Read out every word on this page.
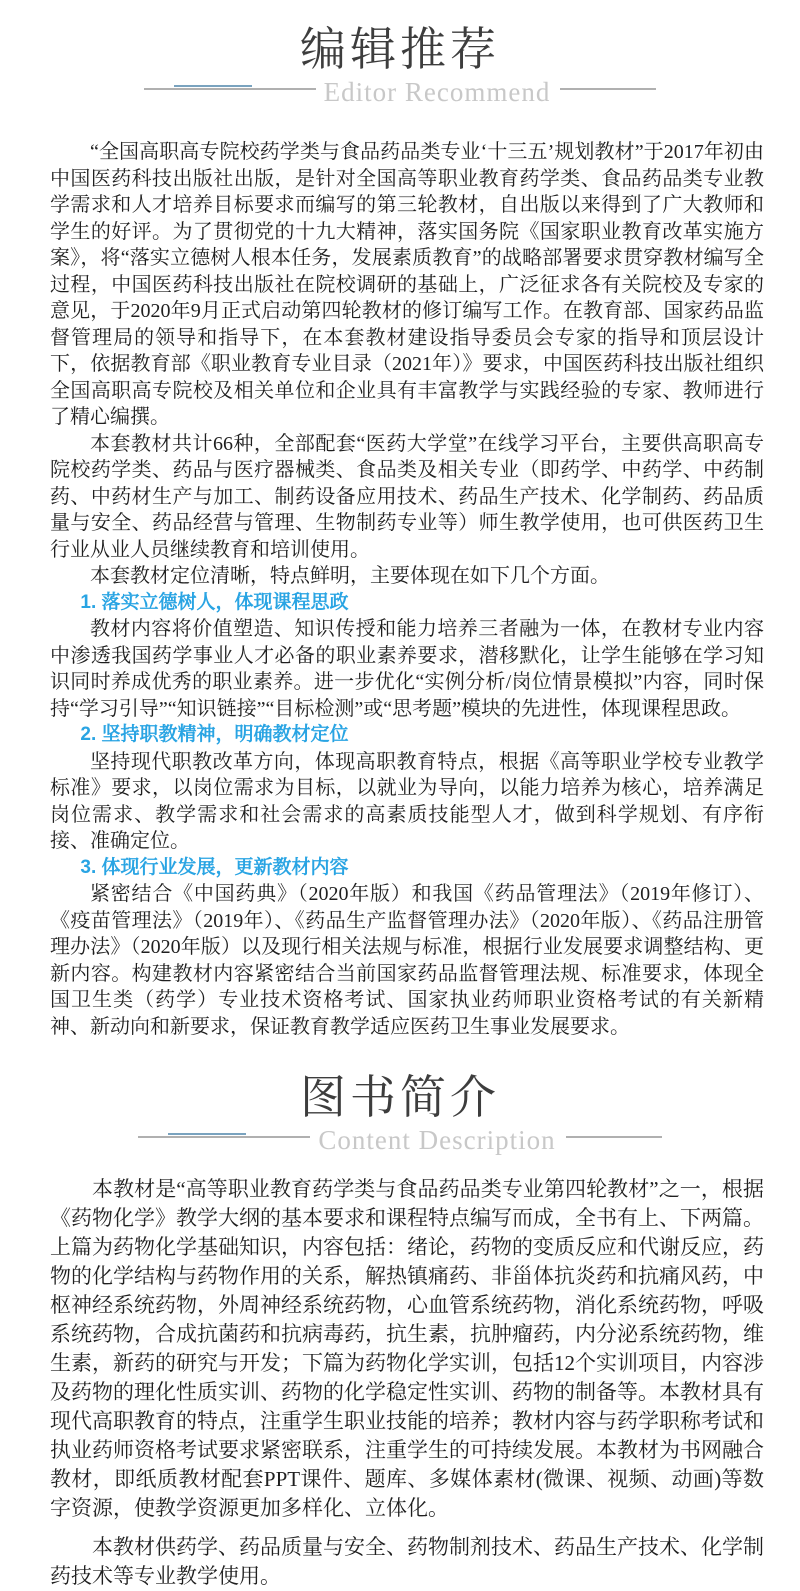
编辑推荐
Editor Recommend

“全国高职高专院校药学类与食品药品类专业‘十三五’规划教材”于2017年初由中国医药科技出版社出版，是针对全国高等职业教育药学类、食品药品类专业教学需求和人才培养目标要求而编写的第三轮教材，自出版以来得到了广大教师和学生的好评。为了贯彻党的十九大精神，落实国务院《国家职业教育改革实施方案》，将“落实立德树人根本任务，发展素质教育”的战略部署要求贯穿教材编写全过程，中国医药科技出版社在院校调研的基础上，广泛征求各有关院校及专家的意见，于2020年9月正式启动第四轮教材的修订编写工作。在教育部、国家药品监督管理局的领导和指导下，在本套教材建设指导委员会专家的指导和顶层设计下，依据教育部《职业教育专业目录（2021年）》要求，中国医药科技出版社组织全国高职高专院校及相关单位和企业具有丰富教学与实践经验的专家、教师进行了精心编撰。

本套教材共计66种，全部配套“医药大学堂”在线学习平台，主要供高职高专院校药学类、药品与医疗器械类、食品类及相关专业（即药学、中药学、中药制药、中药材生产与加工、制药设备应用技术、药品生产技术、化学制药、药品质量与安全、药品经营与管理、生物制药专业等）师生教学使用，也可供医药卫生行业从业人员继续教育和培训使用。

本套教材定位清晰，特点鲜明，主要体现在如下几个方面。

1. 落实立德树人，体现课程思政

教材内容将价值塑造、知识传授和能力培养三者融为一体，在教材专业内容中渗透我国药学事业人才必备的职业素养要求，潜移默化，让学生能够在学习知识同时养成优秀的职业素养。进一步优化“实例分析/岗位情景模拟”内容，同时保持“学习引导”“知识链接”“目标检测”或“思考题”模块的先进性，体现课程思政。

2. 坚持职教精神，明确教材定位

坚持现代职教改革方向，体现高职教育特点，根据《高等职业学校专业教学标准》要求，以岗位需求为目标，以就业为导向，以能力培养为核心，培养满足岗位需求、教学需求和社会需求的高素质技能型人才，做到科学规划、有序衔接、准确定位。

3. 体现行业发展，更新教材内容

紧密结合《中国药典》（2020年版）和我国《药品管理法》（2019年修订）、《疫苗管理法》（2019年）、《药品生产监督管理办法》（2020年版）、《药品注册管理办法》（2020年版）以及现行相关法规与标准，根据行业发展要求调整结构、更新内容。构建教材内容紧密结合当前国家药品监督管理法规、标准要求，体现全国卫生类（药学）专业技术资格考试、国家执业药师职业资格考试的有关新精神、新动向和新要求，保证教育教学适应医药卫生事业发展要求。

图书简介
Content Description

本教材是“高等职业教育药学类与食品药品类专业第四轮教材”之一，根据《药物化学》教学大纲的基本要求和课程特点编写而成，全书有上、下两篇。上篇为药物化学基础知识，内容包括：绪论，药物的变质反应和代谢反应，药物的化学结构与药物作用的关系，解热镇痛药、非甾体抗炎药和抗痛风药，中枢神经系统药物，外周神经系统药物，心血管系统药物，消化系统药物，呼吸系统药物，合成抗菌药和抗病毒药，抗生素，抗肿瘤药，内分泌系统药物，维生素，新药的研究与开发；下篇为药物化学实训，包括12个实训项目，内容涉及药物的理化性质实训、药物的化学稳定性实训、药物的制备等。本教材具有现代高职教育的特点，注重学生职业技能的培养；教材内容与药学职称考试和执业药师资格考试要求紧密联系，注重学生的可持续发展。本教材为书网融合教材，即纸质教材配套PPT课件、题库、多媒体素材(微课、视频、动画)等数字资源，使教学资源更加多样化、立体化。

本教材供药学、药品质量与安全、药物制剂技术、药品生产技术、化学制药技术等专业教学使用。
